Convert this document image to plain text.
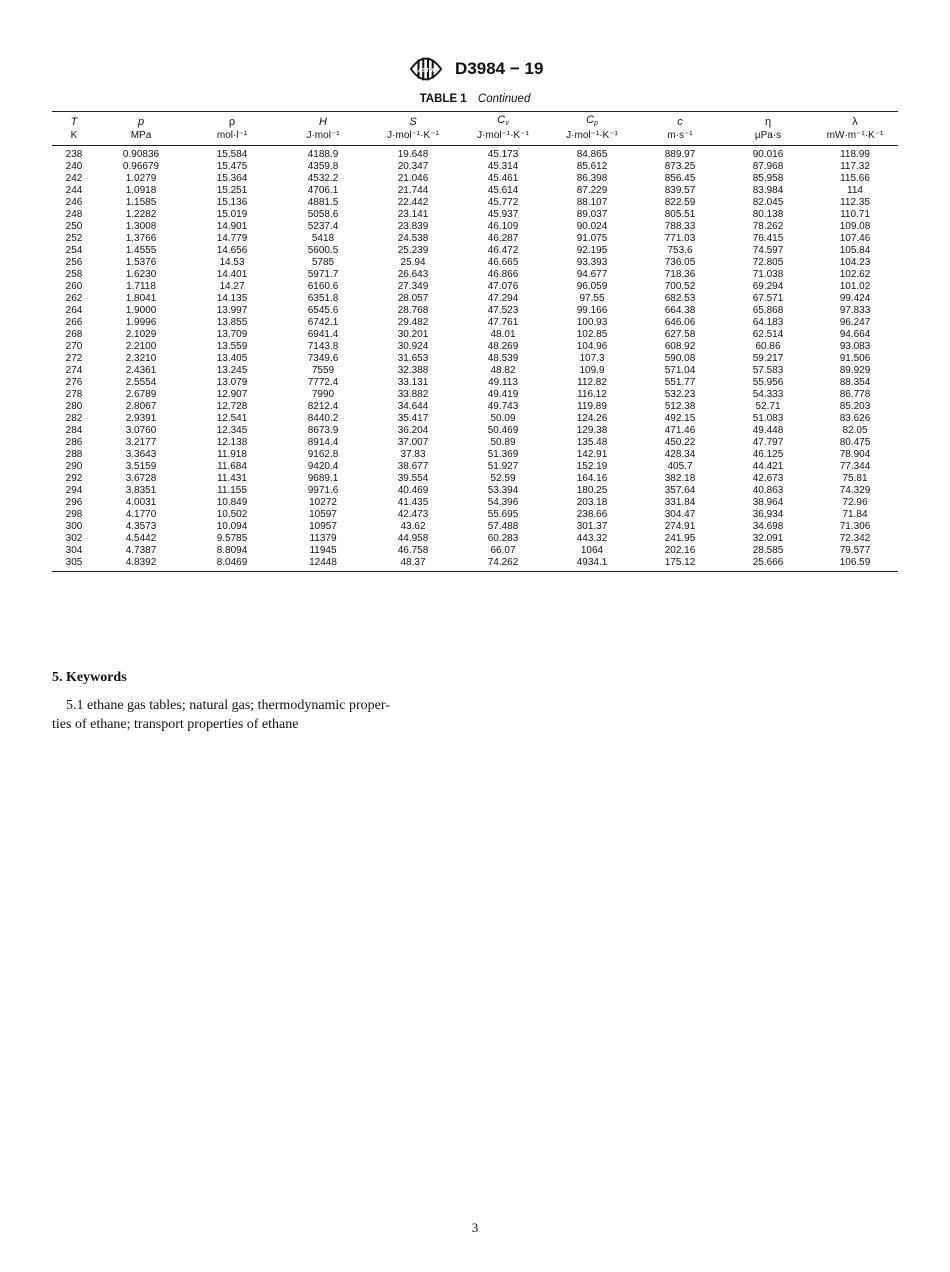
ASTM D3984 − 19
TABLE 1 Continued
T	p	ρ	H	S	$C_v$	$C_p$	c	η	λ
K	MPa	mol·l⁻¹	J·mol⁻¹	J·mol⁻¹·K⁻¹	J·mol⁻¹·K⁻¹	J·mol⁻¹·K⁻¹	m·s⁻¹	µPa·s	mW·m⁻¹·K⁻¹
238	0.90836	15.584	4188.9	19.648	45.173	84.865	889.97	90.016	118.99
240	0.96679	15.475	4359.8	20.347	45.314	85.612	873.25	87.968	117.32
242	1.0279	15.364	4532.2	21.046	45.461	86.398	856.45	85.958	115.66
244	1.0918	15.251	4706.1	21.744	45.614	87.229	839.57	83.984	114
246	1.1585	15.136	4881.5	22.442	45.772	88.107	822.59	82.045	112.35
248	1.2282	15.019	5058.6	23.141	45.937	89.037	805.51	80.138	110.71
250	1.3008	14.901	5237.4	23.839	46.109	90.024	788.33	78.262	109.08
252	1.3766	14.779	5418	24.538	46.287	91.075	771.03	76.415	107.46
254	1.4555	14.656	5600.5	25.239	46.472	92.195	753.6	74.597	105.84
256	1.5376	14.53	5785	25.94	46.665	93.393	736.05	72.805	104.23
258	1.6230	14.401	5971.7	26.643	46.866	94.677	718.36	71.038	102.62
260	1.7118	14.27	6160.6	27.349	47.076	96.059	700.52	69.294	101.02
262	1.8041	14.135	6351.8	28.057	47.294	97.55	682.53	67.571	99.424
264	1.9000	13.997	6545.6	28.768	47.523	99.166	664.38	65.868	97.833
266	1.9996	13.855	6742.1	29.482	47.761	100.93	646.06	64.183	96.247
268	2.1029	13.709	6941.4	30.201	48.01	102.85	627.58	62.514	94.664
270	2.2100	13.559	7143.8	30.924	48.269	104.96	608.92	60.86	93.083
272	2.3210	13.405	7349.6	31.653	48.539	107.3	590.08	59.217	91.506
274	2.4361	13.245	7559	32.388	48.82	109.9	571.04	57.583	89.929
276	2.5554	13.079	7772.4	33.131	49.113	112.82	551.77	55.956	88.354
278	2.6789	12.907	7990	33.882	49.419	116.12	532.23	54.333	86.778
280	2.8067	12.728	8212.4	34.644	49.743	119.89	512.38	52.71	85.203
282	2.9391	12.541	8440.2	35.417	50.09	124.26	492.15	51.083	83.626
284	3.0760	12.345	8673.9	36.204	50.469	129.38	471.46	49.448	82.05
286	3.2177	12.138	8914.4	37.007	50.89	135.48	450.22	47.797	80.475
288	3.3643	11.918	9162.8	37.83	51.369	142.91	428.34	46.125	78.904
290	3.5159	11.684	9420.4	38.677	51.927	152.19	405.7	44.421	77.344
292	3.6728	11.431	9689.1	39.554	52.59	164.16	382.18	42.673	75.81
294	3.8351	11.155	9971.6	40.469	53.394	180.25	357.64	40.863	74.329
296	4.0031	10.849	10272	41.435	54.396	203.18	331.84	38.964	72.96
298	4.1770	10.502	10597	42.473	55.695	238.66	304.47	36.934	71.84
300	4.3573	10.094	10957	43.62	57.488	301.37	274.91	34.698	71.306
302	4.5442	9.5785	11379	44.958	60.283	443.32	241.95	32.091	72.342
304	4.7387	8.8094	11945	46.758	66.07	1064	202.16	28.585	79.577
305	4.8392	8.0469	12448	48.37	74.262	4934.1	175.12	25.666	106.59
5. Keywords
5.1 ethane gas tables; natural gas; thermodynamic proper-
ties of ethane; transport properties of ethane
3
